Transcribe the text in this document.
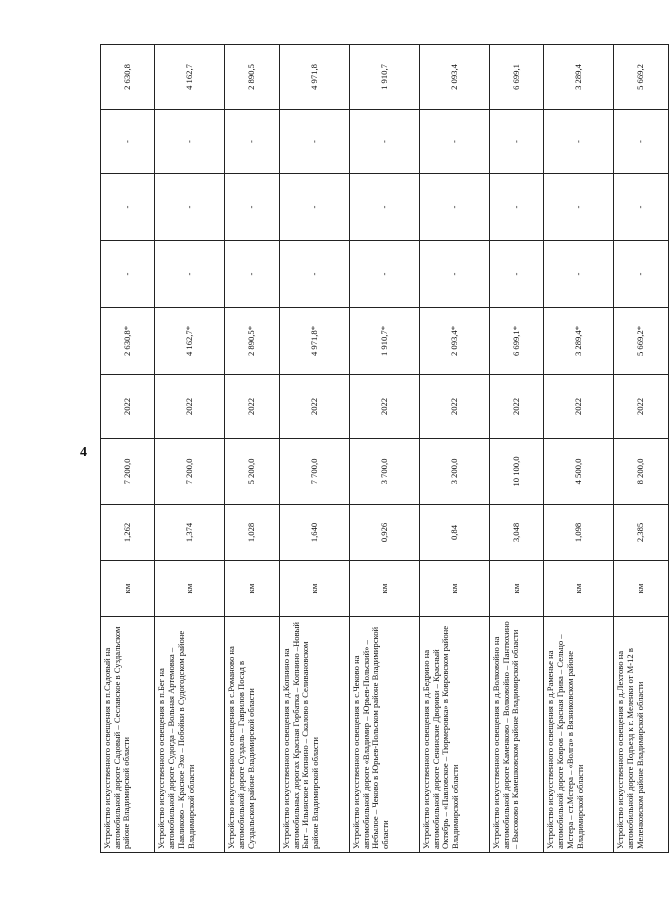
4
Устройство искусственного освещения в п.Садовый на автомобильной дороге Садовый – Сеславское в Суздальском районе Владимирской области	км	1,262	7 200,0	2022	2 630,8*	-	-	-	2 630,8
Устройство искусственного освещения в п.Бег на автомобильной дороге Судогда – Вольная Артемовка – Павликово – Красное Эхо – Побойки в Судогодском районе Владимирской области	км	1,374	7 200,0	2022	4 162,7*	-	-	-	4 162,7
Устройство искусственного освещения в с.Романово на автомобильной дороге Суздаль – Гаврилов Посад в Суздальском районе Владимирской области	км	1,028	5 200,0	2022	2 890,5*	-	-	-	2 890,5
Устройство искусственного освещения в д.Копнино на автомобильных дорогах Красная Горбатка – Копнино –Новый Быт – Ильинское и Копнино – Скалово в Селивановском районе Владимирской области	км	1,640	7 700,0	2022	4 971,8*	-	-	-	4 971,8
Устройство искусственного освещения в с.Чеково на автомобильной дороге «Владимир – Юрьев-Польский» – Небылое – Чеково в Юрьев-Польском районе Владимирской области	км	0,926	3 700,0	2022	1 910,7*	-	-	-	1 910,7
Устройство искусственного освещения в д.Бедрино на автомобильной дороге Сенинские Дворики – Красный Октябрь – «Павловское – Тюрмеровка» в Ковровском районе Владимирской области	км	0,84	3 200,0	2022	2 093,4*	-	-	-	2 093,4
Устройство искусственного освещения в д.Волковойно на автомобильной дороге Каменково – Волковойно – Пантюхино – Высоково в Камешковском районе Владимирской области	км	3,048	10 100,0	2022	6 699,1*	-	-	-	6 699,1
Устройство искусственного освещения в д.Раменье на автомобильной дороге Ковров – Красная Грива – Сельцо – Мстера – ст.Мстера – «Волга» в Вязниковском районе Владимирской области	км	1,098	4 500,0	2022	3 289,4*	-	-	-	3 289,4
Устройство искусственного освещения в д.Лехтово на автомобильной дороге Подъезд к г. Меленки от М-12 в Меленковском районе Владимирской области	км	2,385	8 200,0	2022	5 669,2*	-	-	-	5 669,2
